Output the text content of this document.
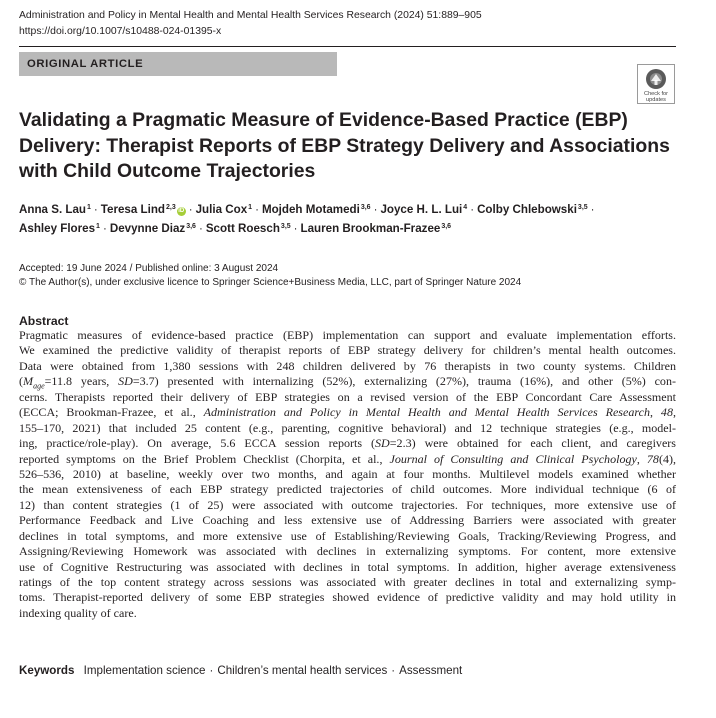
Administration and Policy in Mental Health and Mental Health Services Research (2024) 51:889–905
https://doi.org/10.1007/s10488-024-01395-x
ORIGINAL ARTICLE
Check for
updates
Validating a Pragmatic Measure of Evidence-Based Practice (EBP)
Delivery: Therapist Reports of EBP Strategy Delivery and Associations
with Child Outcome Trajectories
Anna S. Lau$^1$ · Teresa Lind$^{2,3}$ iD · Julia Cox$^1$ · Mojdeh Motamedi$^{3,6}$ · Joyce H. L. Lui$^4$ · Colby Chlebowski$^{3,5}$ ·
Ashley Flores$^1$ · Devynne Diaz$^{3,6}$ · Scott Roesch$^{3,5}$ · Lauren Brookman-Frazee$^{3,6}$
Accepted: 19 June 2024 / Published online: 3 August 2024
© The Author(s), under exclusive licence to Springer Science+Business Media, LLC, part of Springer Nature 2024
Abstract
Pragmatic measures of evidence-based practice (EBP) implementation can support and evaluate implementation efforts.
We examined the predictive validity of therapist reports of EBP strategy delivery for children’s mental health outcomes.
Data were obtained from 1,380 sessions with 248 children delivered by 76 therapists in two county systems. Children
($M_{age}=11.8$ years, SD=3.7) presented with internalizing (52%), externalizing (27%), trauma (16%), and other (5%) con-
cerns. Therapists reported their delivery of EBP strategies on a revised version of the EBP Concordant Care Assessment
(ECCA; Brookman-Frazee, et al., Administration and Policy in Mental Health and Mental Health Services Research, 48,
155–170, 2021) that included 25 content (e.g., parenting, cognitive behavioral) and 12 technique strategies (e.g., model-
ing, practice/role-play). On average, 5.6 ECCA session reports (SD=2.3) were obtained for each client, and caregivers
reported symptoms on the Brief Problem Checklist (Chorpita, et al., Journal of Consulting and Clinical Psychology, 78(4),
526–536, 2010) at baseline, weekly over two months, and again at four months. Multilevel models examined whether
the mean extensiveness of each EBP strategy predicted trajectories of child outcomes. More individual technique (6 of
12) than content strategies (1 of 25) were associated with outcome trajectories. For techniques, more extensive use of
Performance Feedback and Live Coaching and less extensive use of Addressing Barriers were associated with greater
declines in total symptoms, and more extensive use of Establishing/Reviewing Goals, Tracking/Reviewing Progress, and
Assigning/Reviewing Homework was associated with declines in externalizing symptoms. For content, more extensive
use of Cognitive Restructuring was associated with declines in total symptoms. In addition, higher average extensiveness
ratings of the top content strategy across sessions was associated with greater declines in total and externalizing symp-
toms. Therapist-reported delivery of some EBP strategies showed evidence of predictive validity and may hold utility in
indexing quality of care.
Keywords Implementation science · Children’s mental health services · Assessment
